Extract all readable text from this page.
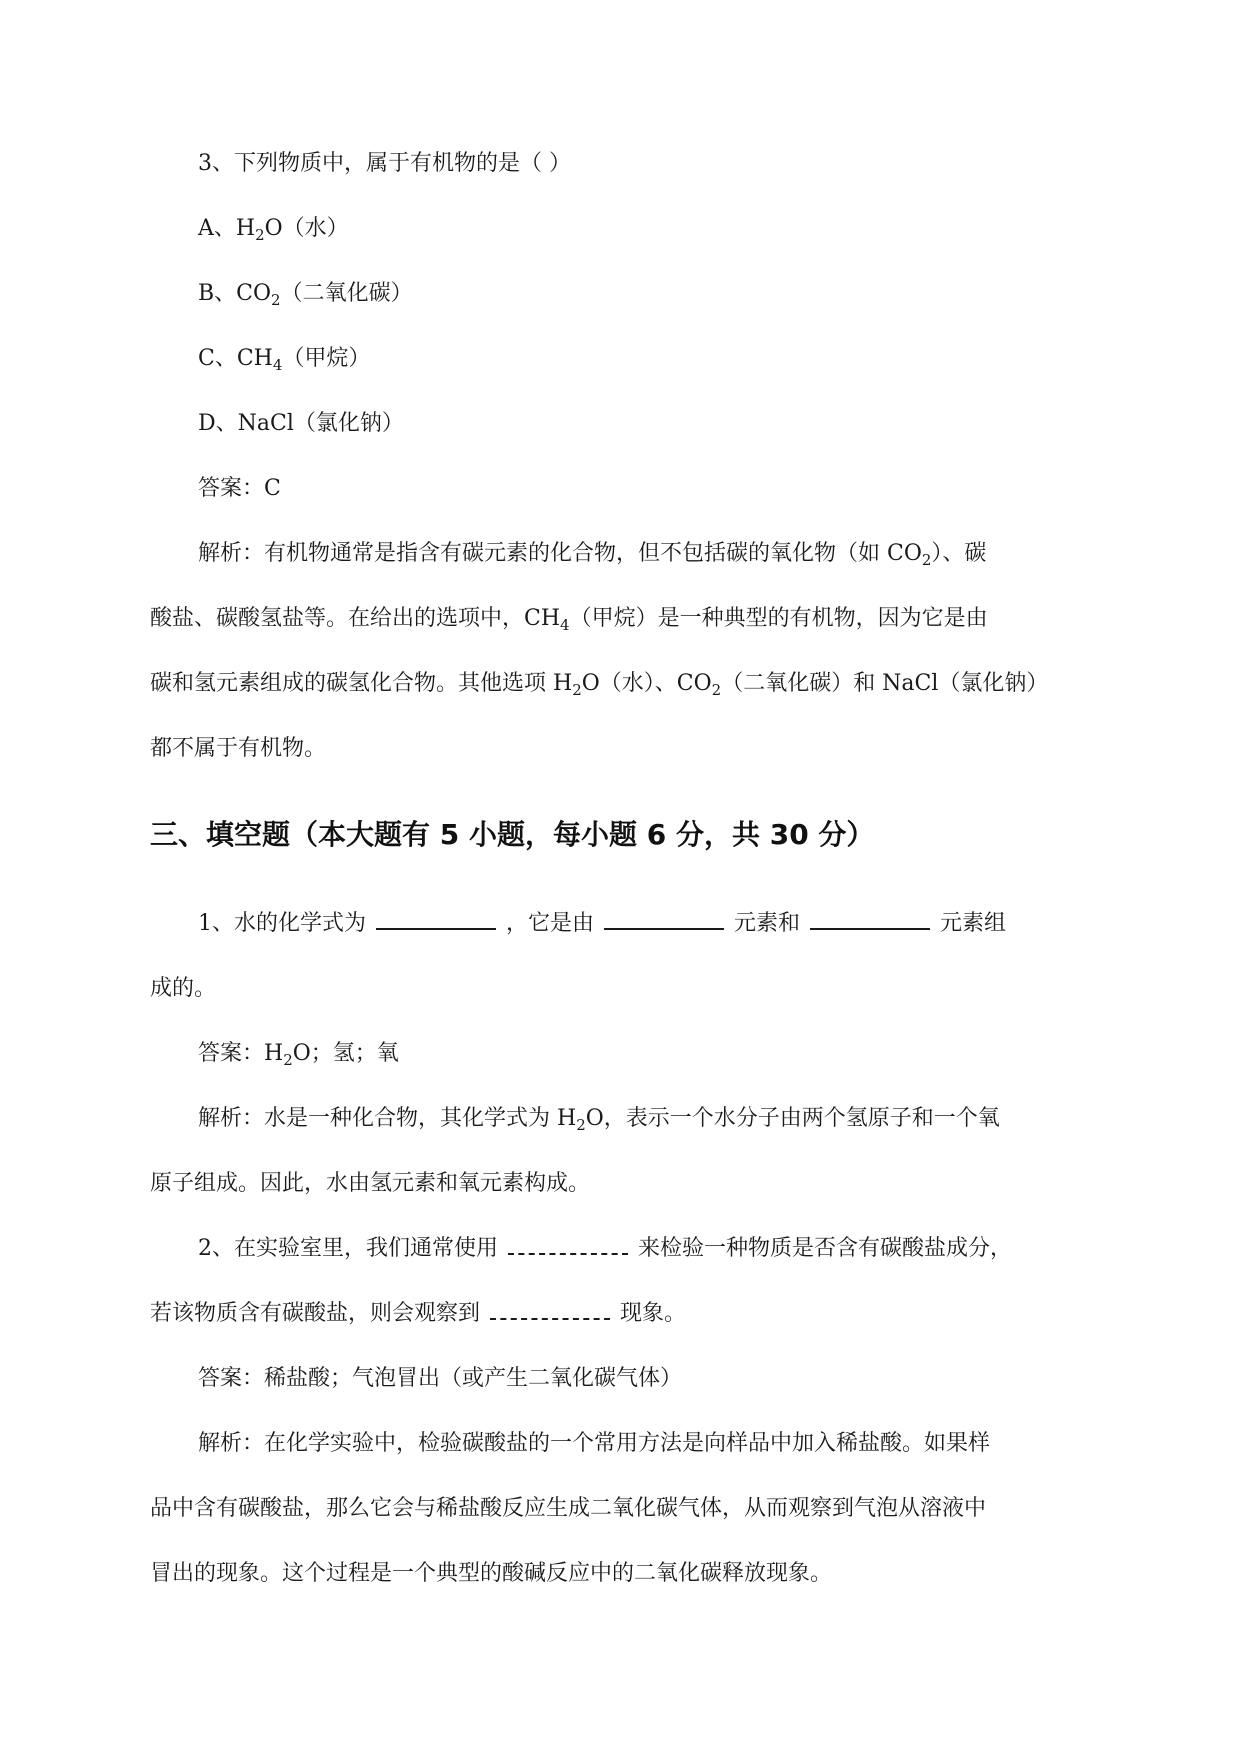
3、下列物质中，属于有机物的是（ ）
A、$H_2O$（水）
B、$CO_2$（二氧化碳）
C、$CH_4$（甲烷）
D、NaCl（氯化钠）
答案：C
解析：有机物通常是指含有碳元素的化合物，但不包括碳的氧化物（如 $CO_2$）、碳
酸盐、碳酸氢盐等。在给出的选项中，$CH_4$（甲烷）是一种典型的有机物，因为它是由
碳和氢元素组成的碳氢化合物。其他选项 $H_2O$（水）、$CO_2$（二氧化碳）和 NaCl（氯化钠）
都不属于有机物。
三、填空题（本大题有 5 小题，每小题 6 分，共 30 分）
1、水的化学式为	，它是由	元素和	元素组
成的。
答案：$H_2O$；氢；氧
解析：水是一种化合物，其化学式为 $H_2O$，表示一个水分子由两个氢原子和一个氧
原子组成。因此，水由氢元素和氧元素构成。
2、在实验室里，我们通常使用	来检验一种物质是否含有碳酸盐成分，
若该物质含有碳酸盐，则会观察到	现象。
答案：稀盐酸；气泡冒出（或产生二氧化碳气体）
解析：在化学实验中，检验碳酸盐的一个常用方法是向样品中加入稀盐酸。如果样
品中含有碳酸盐，那么它会与稀盐酸反应生成二氧化碳气体，从而观察到气泡从溶液中
冒出的现象。这个过程是一个典型的酸碱反应中的二氧化碳释放现象。
